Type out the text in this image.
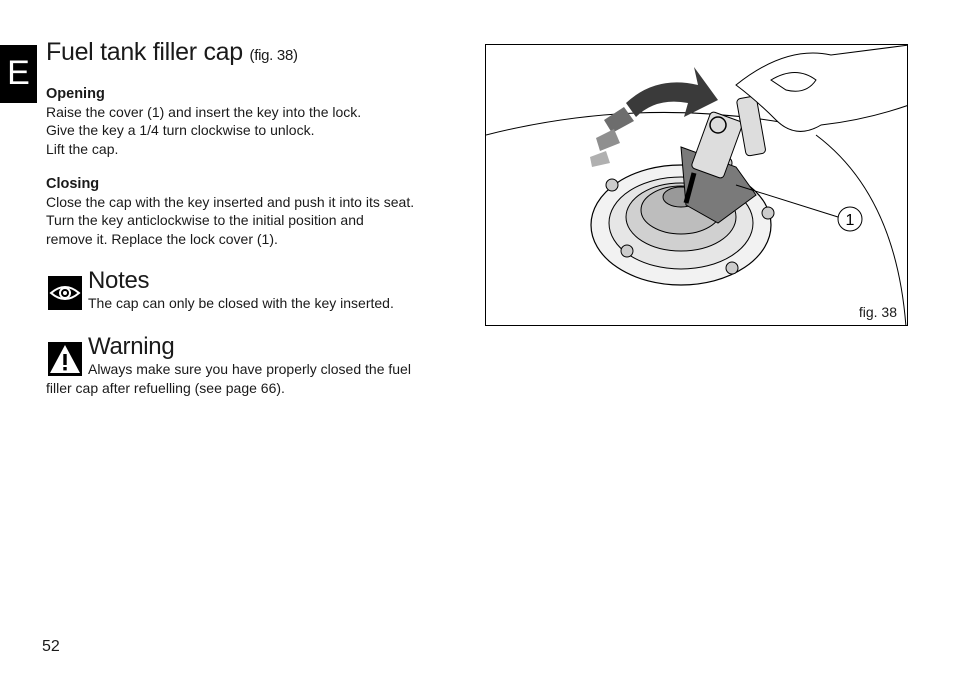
E
Fuel tank filler cap (fig. 38)
Opening

Raise the cover (1) and insert the key into the lock.

Give the key a 1/4 turn clockwise to unlock.

Lift the cap.

Closing

Close the cap with the key inserted and push it into its seat.

Turn the key anticlockwise to the initial position and

remove it. Replace the lock cover (1).

Notes

The cap can only be closed with the key inserted.

Warning

Always make sure you have properly closed the fuel

filler cap after refuelling (see page 66).

1
fig. 38
52
